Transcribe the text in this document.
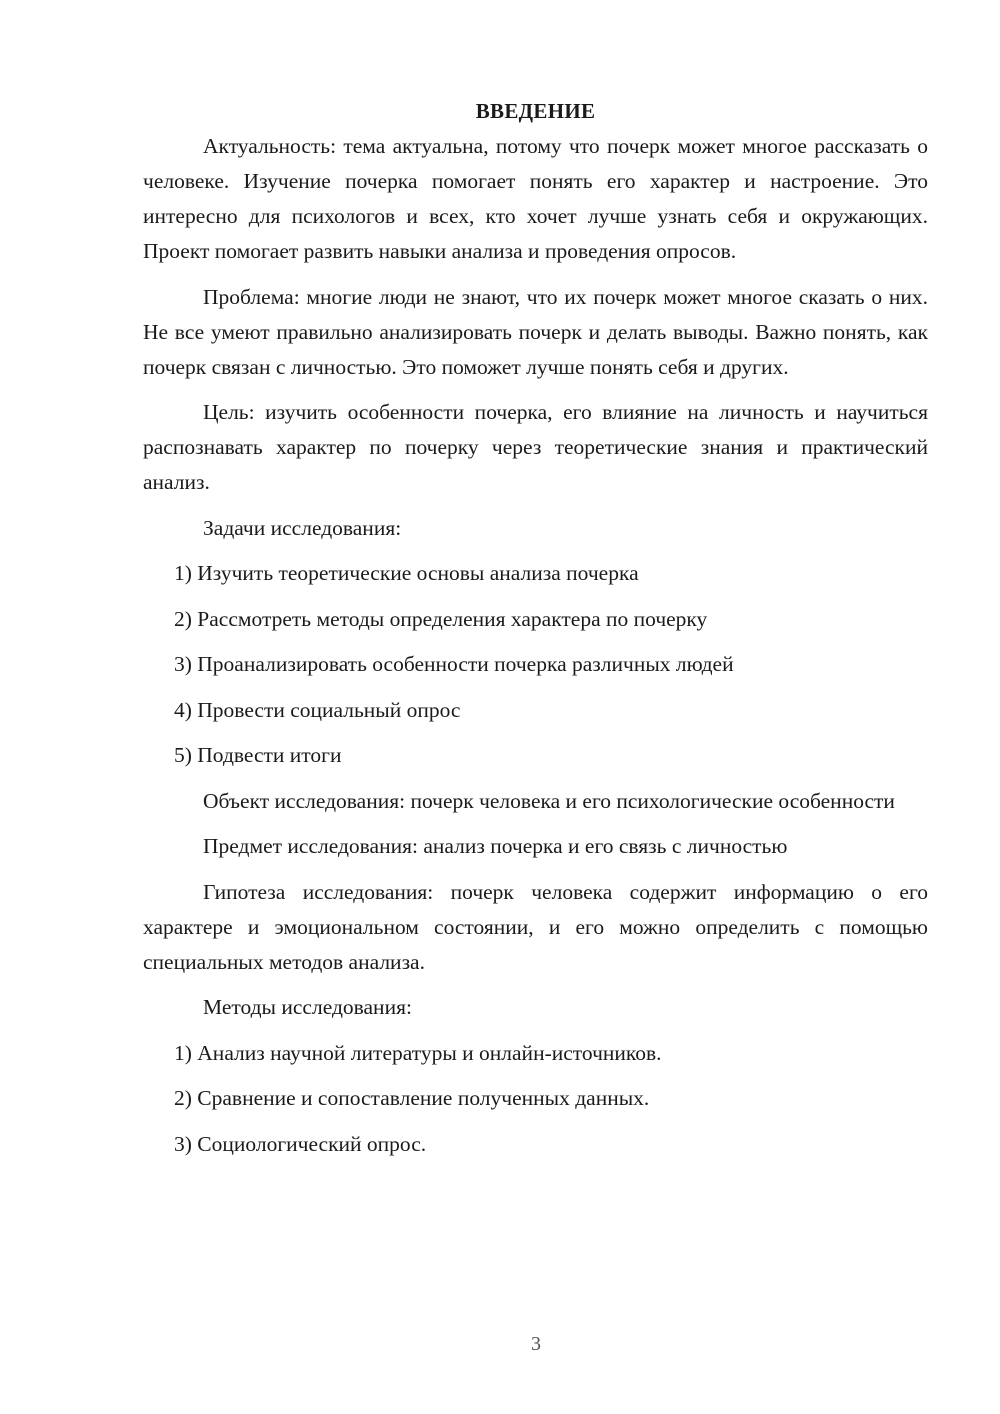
ВВЕДЕНИЕ

Актуальность: тема актуальна, потому что почерк может многое рассказать о человеке. Изучение почерка помогает понять его характер и настроение. Это интересно для психологов и всех, кто хочет лучше узнать себя и окружающих. Проект помогает развить навыки анализа и проведения опросов.

Проблема: многие люди не знают, что их почерк может многое сказать о них. Не все умеют правильно анализировать почерк и делать выводы. Важно понять, как почерк связан с личностью. Это поможет лучше понять себя и других.

Цель: изучить особенности почерка, его влияние на личность и научиться распознавать характер по почерку через теоретические знания и практический анализ.

Задачи исследования:

1) Изучить теоретические основы анализа почерка

2) Рассмотреть методы определения характера по почерку

3) Проанализировать особенности почерка различных людей

4) Провести социальный опрос

5) Подвести итоги

Объект исследования: почерк человека и его психологические особенности

Предмет исследования: анализ почерка и его связь с личностью

Гипотеза исследования: почерк человека содержит информацию о его характере и эмоциональном состоянии, и его можно определить с помощью специальных методов анализа.

Методы исследования:

1) Анализ научной литературы и онлайн-источников.

2) Сравнение и сопоставление полученных данных.

3) Социологический опрос.

3
